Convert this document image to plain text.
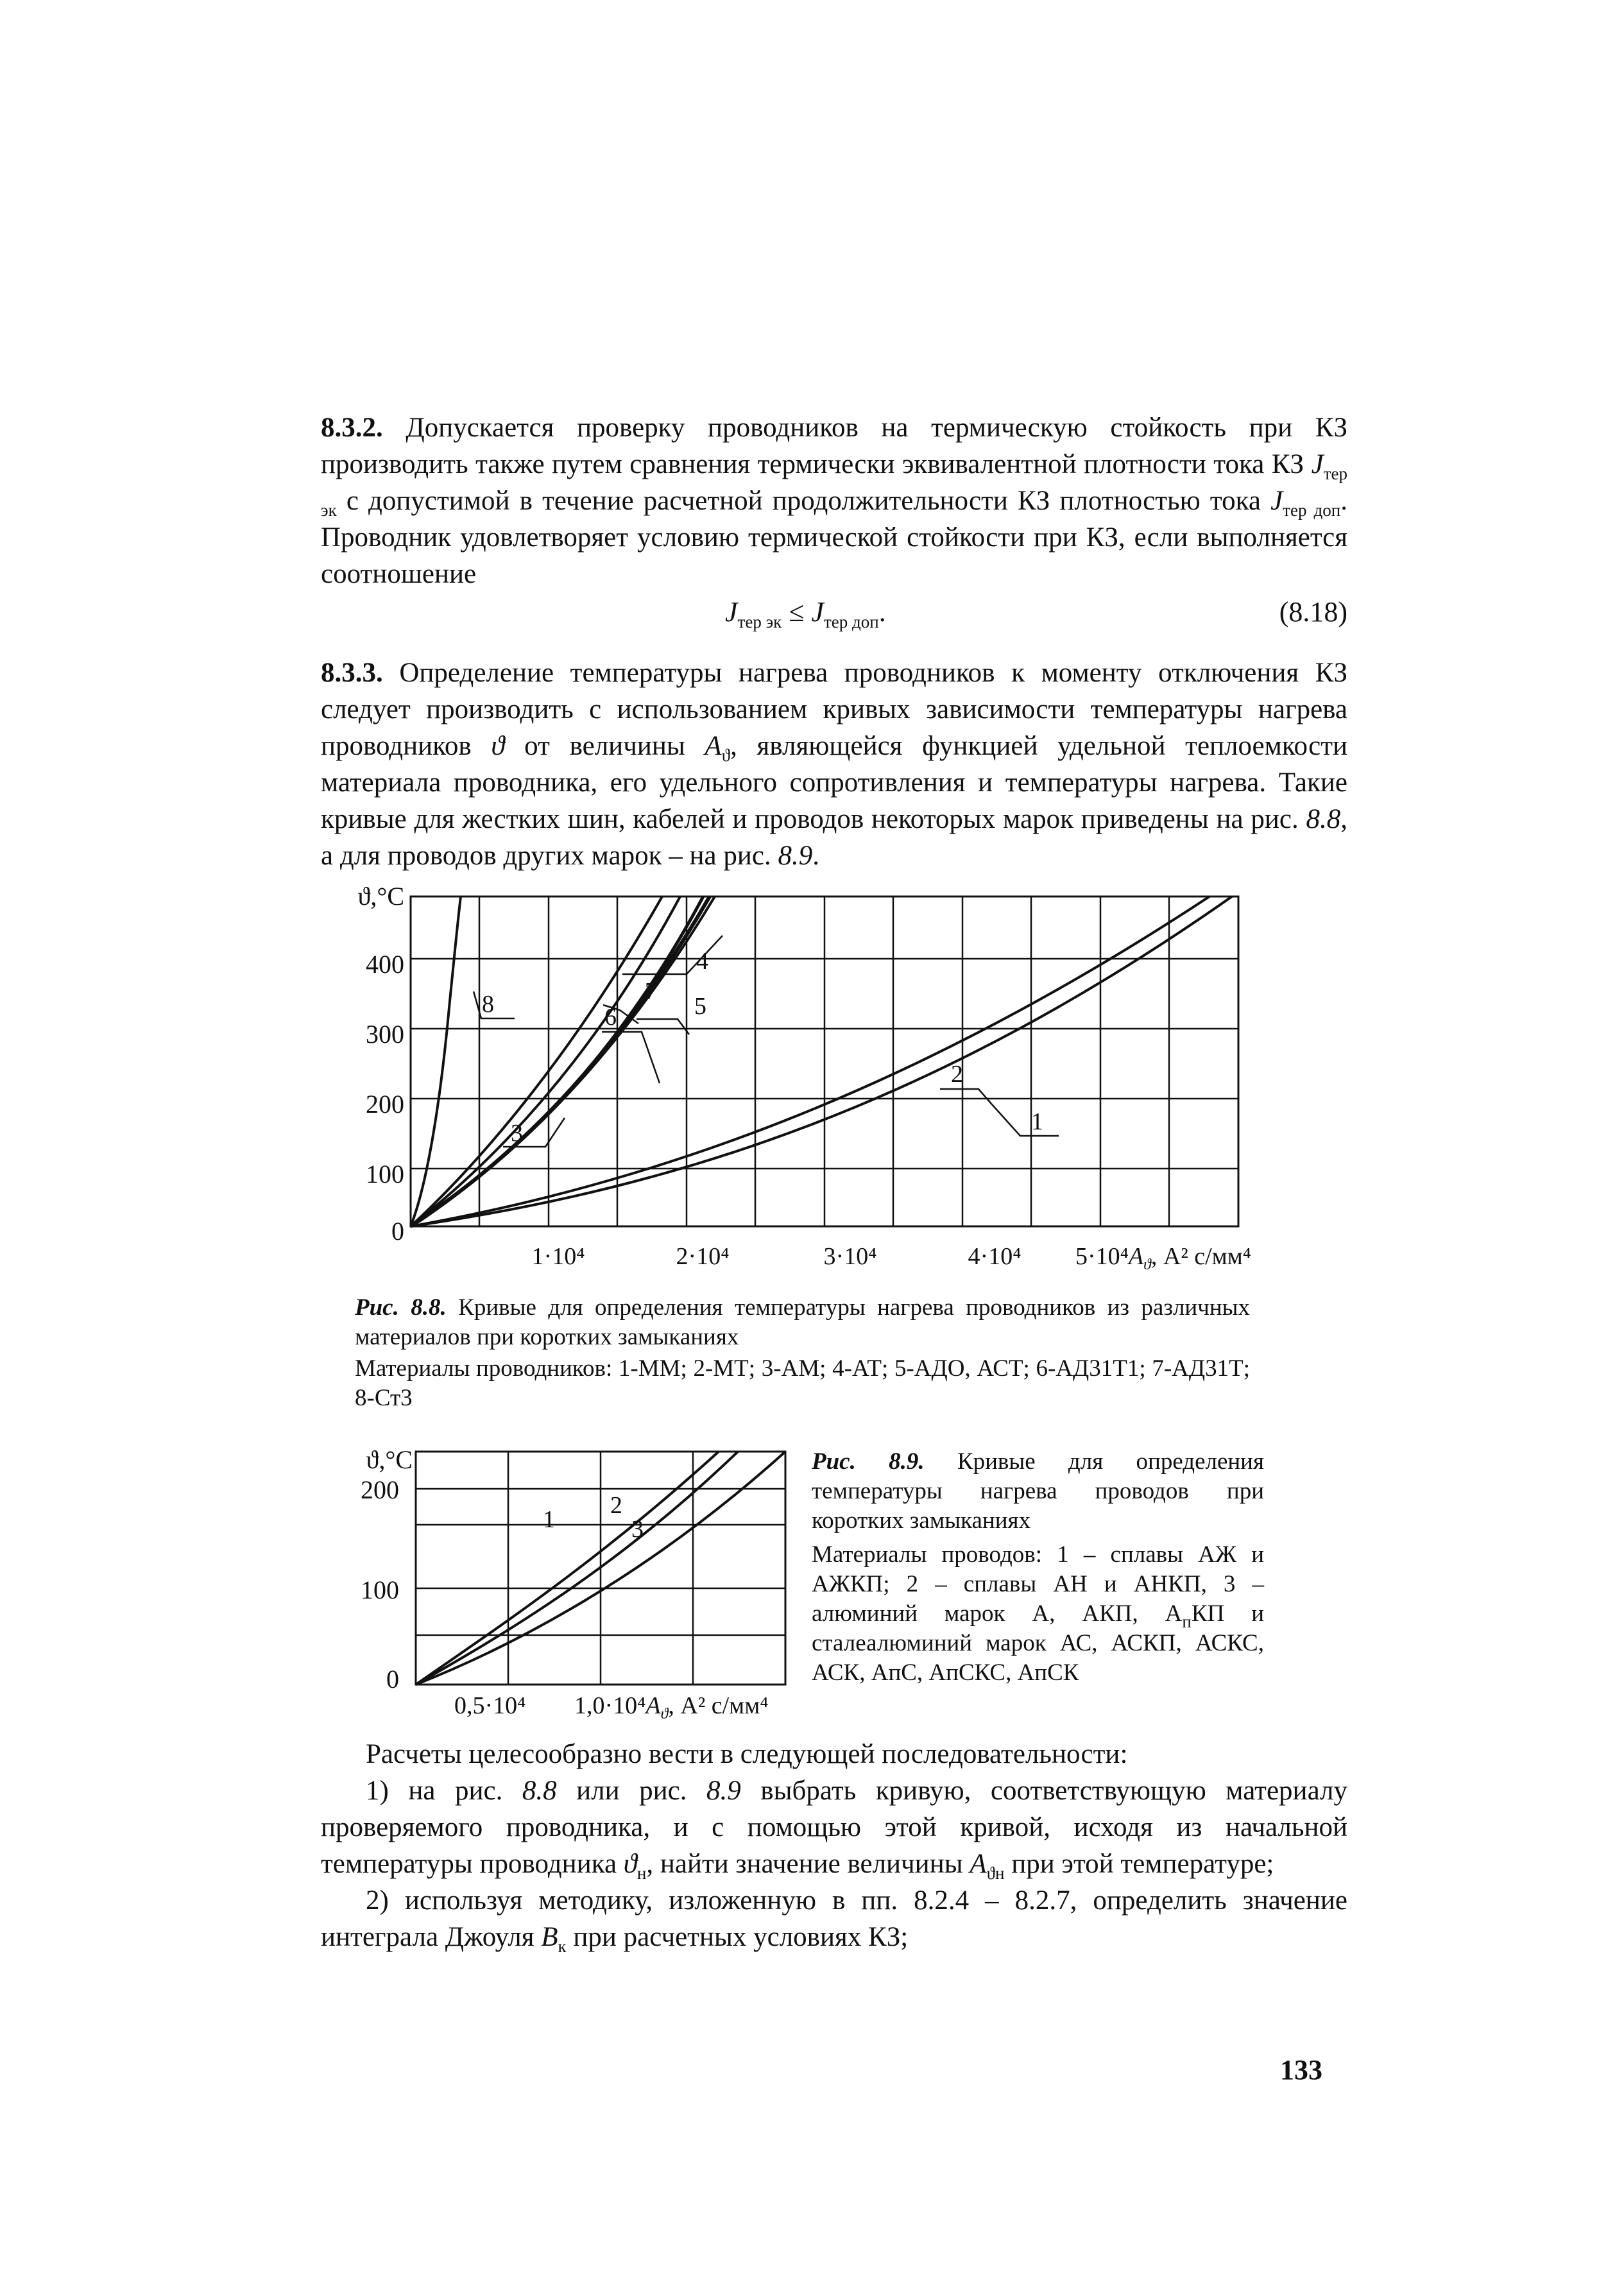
8.3.2. Допускается проверку проводников на термическую стойкость при КЗ производить также путем сравнения термически эквивалентной плотности тока КЗ $J_{тер эк}$ с допустимой в течение расчетной продолжительности КЗ плотностью тока $J_{тер доп}$. Проводник удовлетворяет условию термической стойкости при КЗ, если выполняется соотношение

$J_{тер эк} \le J_{тер доп}$.	(8.18)

8.3.3. Определение температуры нагрева проводников к моменту отключения КЗ следует производить с использованием кривых зависимости температуры нагрева проводников ϑ от величины $A_ϑ$, являющейся функцией удельной теплоемкости материала проводника, его удельного сопротивления и температуры нагрева. Такие кривые для жестких шин, кабелей и проводов некоторых марок приведены на рис. 8.8, а для проводов других марок – на рис. 8.9.

4
8	7
5
6
3
2
1
ϑ,°C
400
300
200
100
0
1·10⁴	2·10⁴	3·10⁴	4·10⁴ $5\cdot 10^4A_ϑ$, А² с/мм⁴
Рис. 8.8. Кривые для определения температуры нагрева проводников из различных материалов при коротких замыканиях
Материалы проводников: 1-ММ; 2-МТ; 3-АМ; 4-АТ; 5-АДО, АСТ; 6-АД31Т1; 7-АД31Т; 8-Ст3
1
2
3
ϑ,°C
200
100
0
0,5·10⁴ $1,0\cdot 10^4A_ϑ$, А² с/мм⁴
Рис. 8.9. Кривые для определения температуры нагрева проводов при коротких замыканиях
Материалы проводов: 1 – сплавы АЖ и АЖКП; 2 – сплавы АН и АНКП, 3 – алюминий марок А, АКП, $А_пКП$ и сталеалюминий марок АС, АСКП, АСКС, АСК, АпС, АпСКС, АпСК

Расчеты целесообразно вести в следующей последовательности:

1) на рис. 8.8 или рис. 8.9 выбрать кривую, соответствующую материалу проверяемого проводника, и с помощью этой кривой, исходя из начальной температуры проводника $ϑ_н$, найти значение величины $A_{ϑн}$ при этой температуре;

2) используя методику, изложенную в пп. 8.2.4 – 8.2.7, определить значение интеграла Джоуля $B_к$ при расчетных условиях КЗ;

133
